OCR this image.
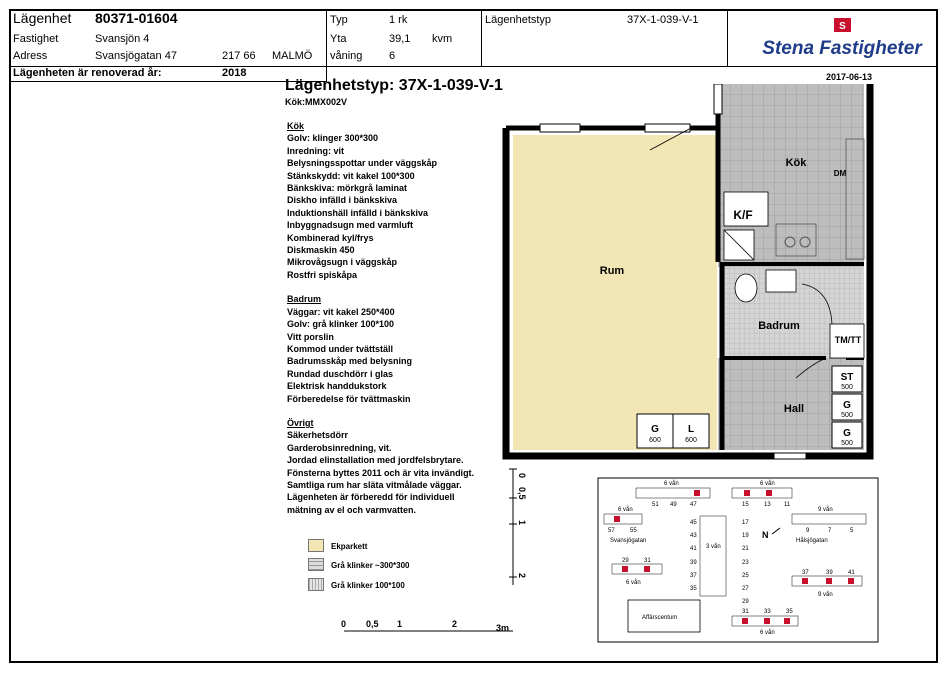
Lägenhet 80371-01604
Fastighet	Svansjön 4
Adress	Svansjögatan 47	217 66 MALMÖ
Typ	1 rk
Yta	39,1 kvm
våning 6
Lägenhetstyp	37X-1-039-V-1
Lägenheten är renoverad år:	2018
S
Stena Fastigheter
Lägenhetstyp: 37X-1-039-V-1
Kök:MMX002V
2017-06-13
Kök
Golv: klinger 300*300
Inredning: vit
Belysningsspottar under väggskåp
Stänkskydd: vit kakel 100*300
Bänkskiva: mörkgrå laminat
Diskho infälld i bänkskiva
Induktionshäll infälld i bänkskiva
Inbyggnadsugn med varmluft
Kombinerad kyl/frys
Diskmaskin 450
Mikrovågsugn i väggskåp
Rostfri spiskåpa
Badrum
Väggar: vit kakel 250*400
Golv: grå klinker 100*100
Vitt porslin
Kommod under tvättställ
Badrumsskåp med belysning
Rundad duschdörr i glas
Elektrisk handdukstork
Förberedelse för tvättmaskin
Övrigt
Säkerhetsdörr
Garderobsinredning, vit.
Jordad elinstallation med jordfelsbrytare.
Fönsterna byttes 2011 och är vita invändigt.
Samtliga rum har släta vitmålade väggar.
Lägenheten är förberedd för individuell
mätning av el och varmvatten.
Ekparkett
Grå klinker ~300*300
Grå klinker 100*100
Rum
Kök
K/F
DM
Badrum
TM/TT
Hall
ST
500
G
500
G
500
G
600
L
600
0
0,5
1
2
0 0,5 1	2	3m
6 vån	6 vån
6 vån	9 vån
3 vån
6 vån
9 vån
6 vån
Svansjögatan	Hålsjögatan
Affärscentum
51 49 47	15	13 11
57	55	9	7	5
45
43
41
39
37
35
17
19
21
23
25
27
29
29	31
37	39	41
31	33	35
N
